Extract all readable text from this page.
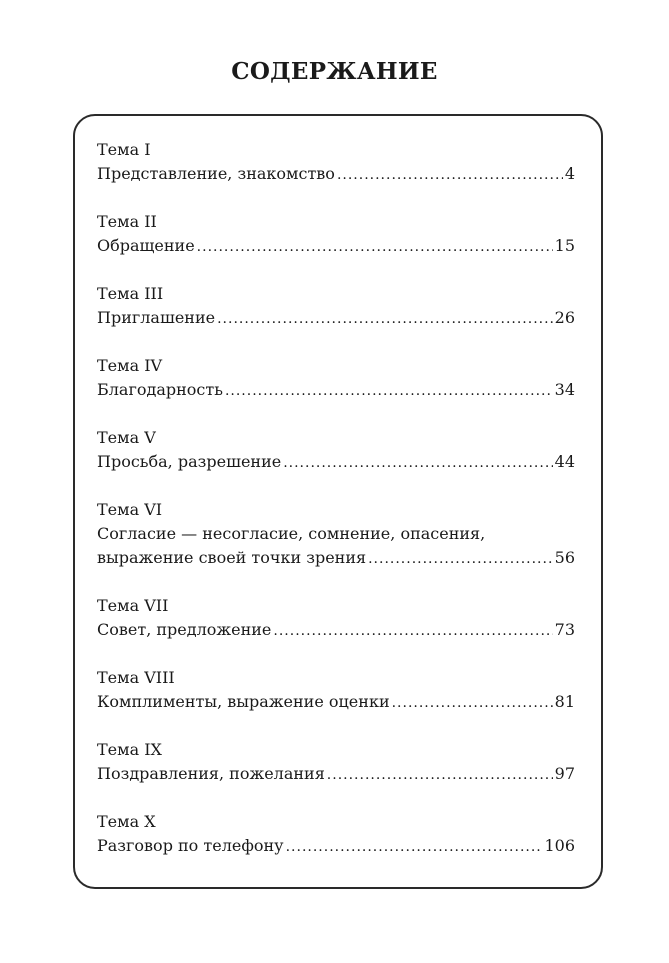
СОДЕРЖАНИЕ
Тема I
Представление, знакомство .....	4
Тема II
Обращение .....	15
Тема III
Приглашение .....	26
Тема IV
Благодарность .....	34
Тема V
Просьба, разрешение .....	44
Тема VI
Согласие — несогласие, сомнение, опасения,
выражение своей точки зрения .....	56
Тема VII
Совет, предложение .....	73
Тема VIII
Комплименты, выражение оценки .....	81
Тема IX
Поздравления, пожелания .....	97
Тема X
Разговор по телефону .....	106
